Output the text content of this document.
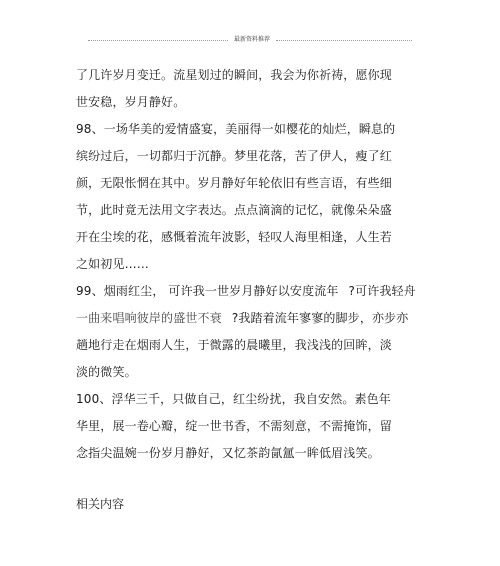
最新资料推荐
了几许岁月变迁。流星划过的瞬间，我会为你祈祷，愿你现
世安稳，岁月静好。
98、一场华美的爱情盛宴，美丽得一如樱花的灿烂，瞬息的
缤纷过后，一切都归于沉静。梦里花落，苦了伊人，瘦了红
颜，无限怅惘在其中。岁月静好年轮依旧有些言语，有些细
节，此时竟无法用文字表达。点点滴滴的记忆，就像朵朵盛
开在尘埃的花，感慨着流年波影，轻叹人海里相逢，人生若
之如初见……
99、烟雨红尘， 可许我一世岁月静好以安度流年 ?可许我轻舟
一曲来唱响彼岸的盛世不衰 ?我踏着流年寥寥的脚步，亦步亦
趟地行走在烟雨人生，于微露的晨曦里，我浅浅的回眸，淡
淡的微笑。
100、浮华三千，只做自己，红尘纷扰，我自安然。素色年
华里，展一卷心瓣，绽一世书香，不需刻意，不需掩饰，留
念指尖温婉一份岁月静好，又忆茶韵氤氲一眸低眉浅笑。
相关内容
